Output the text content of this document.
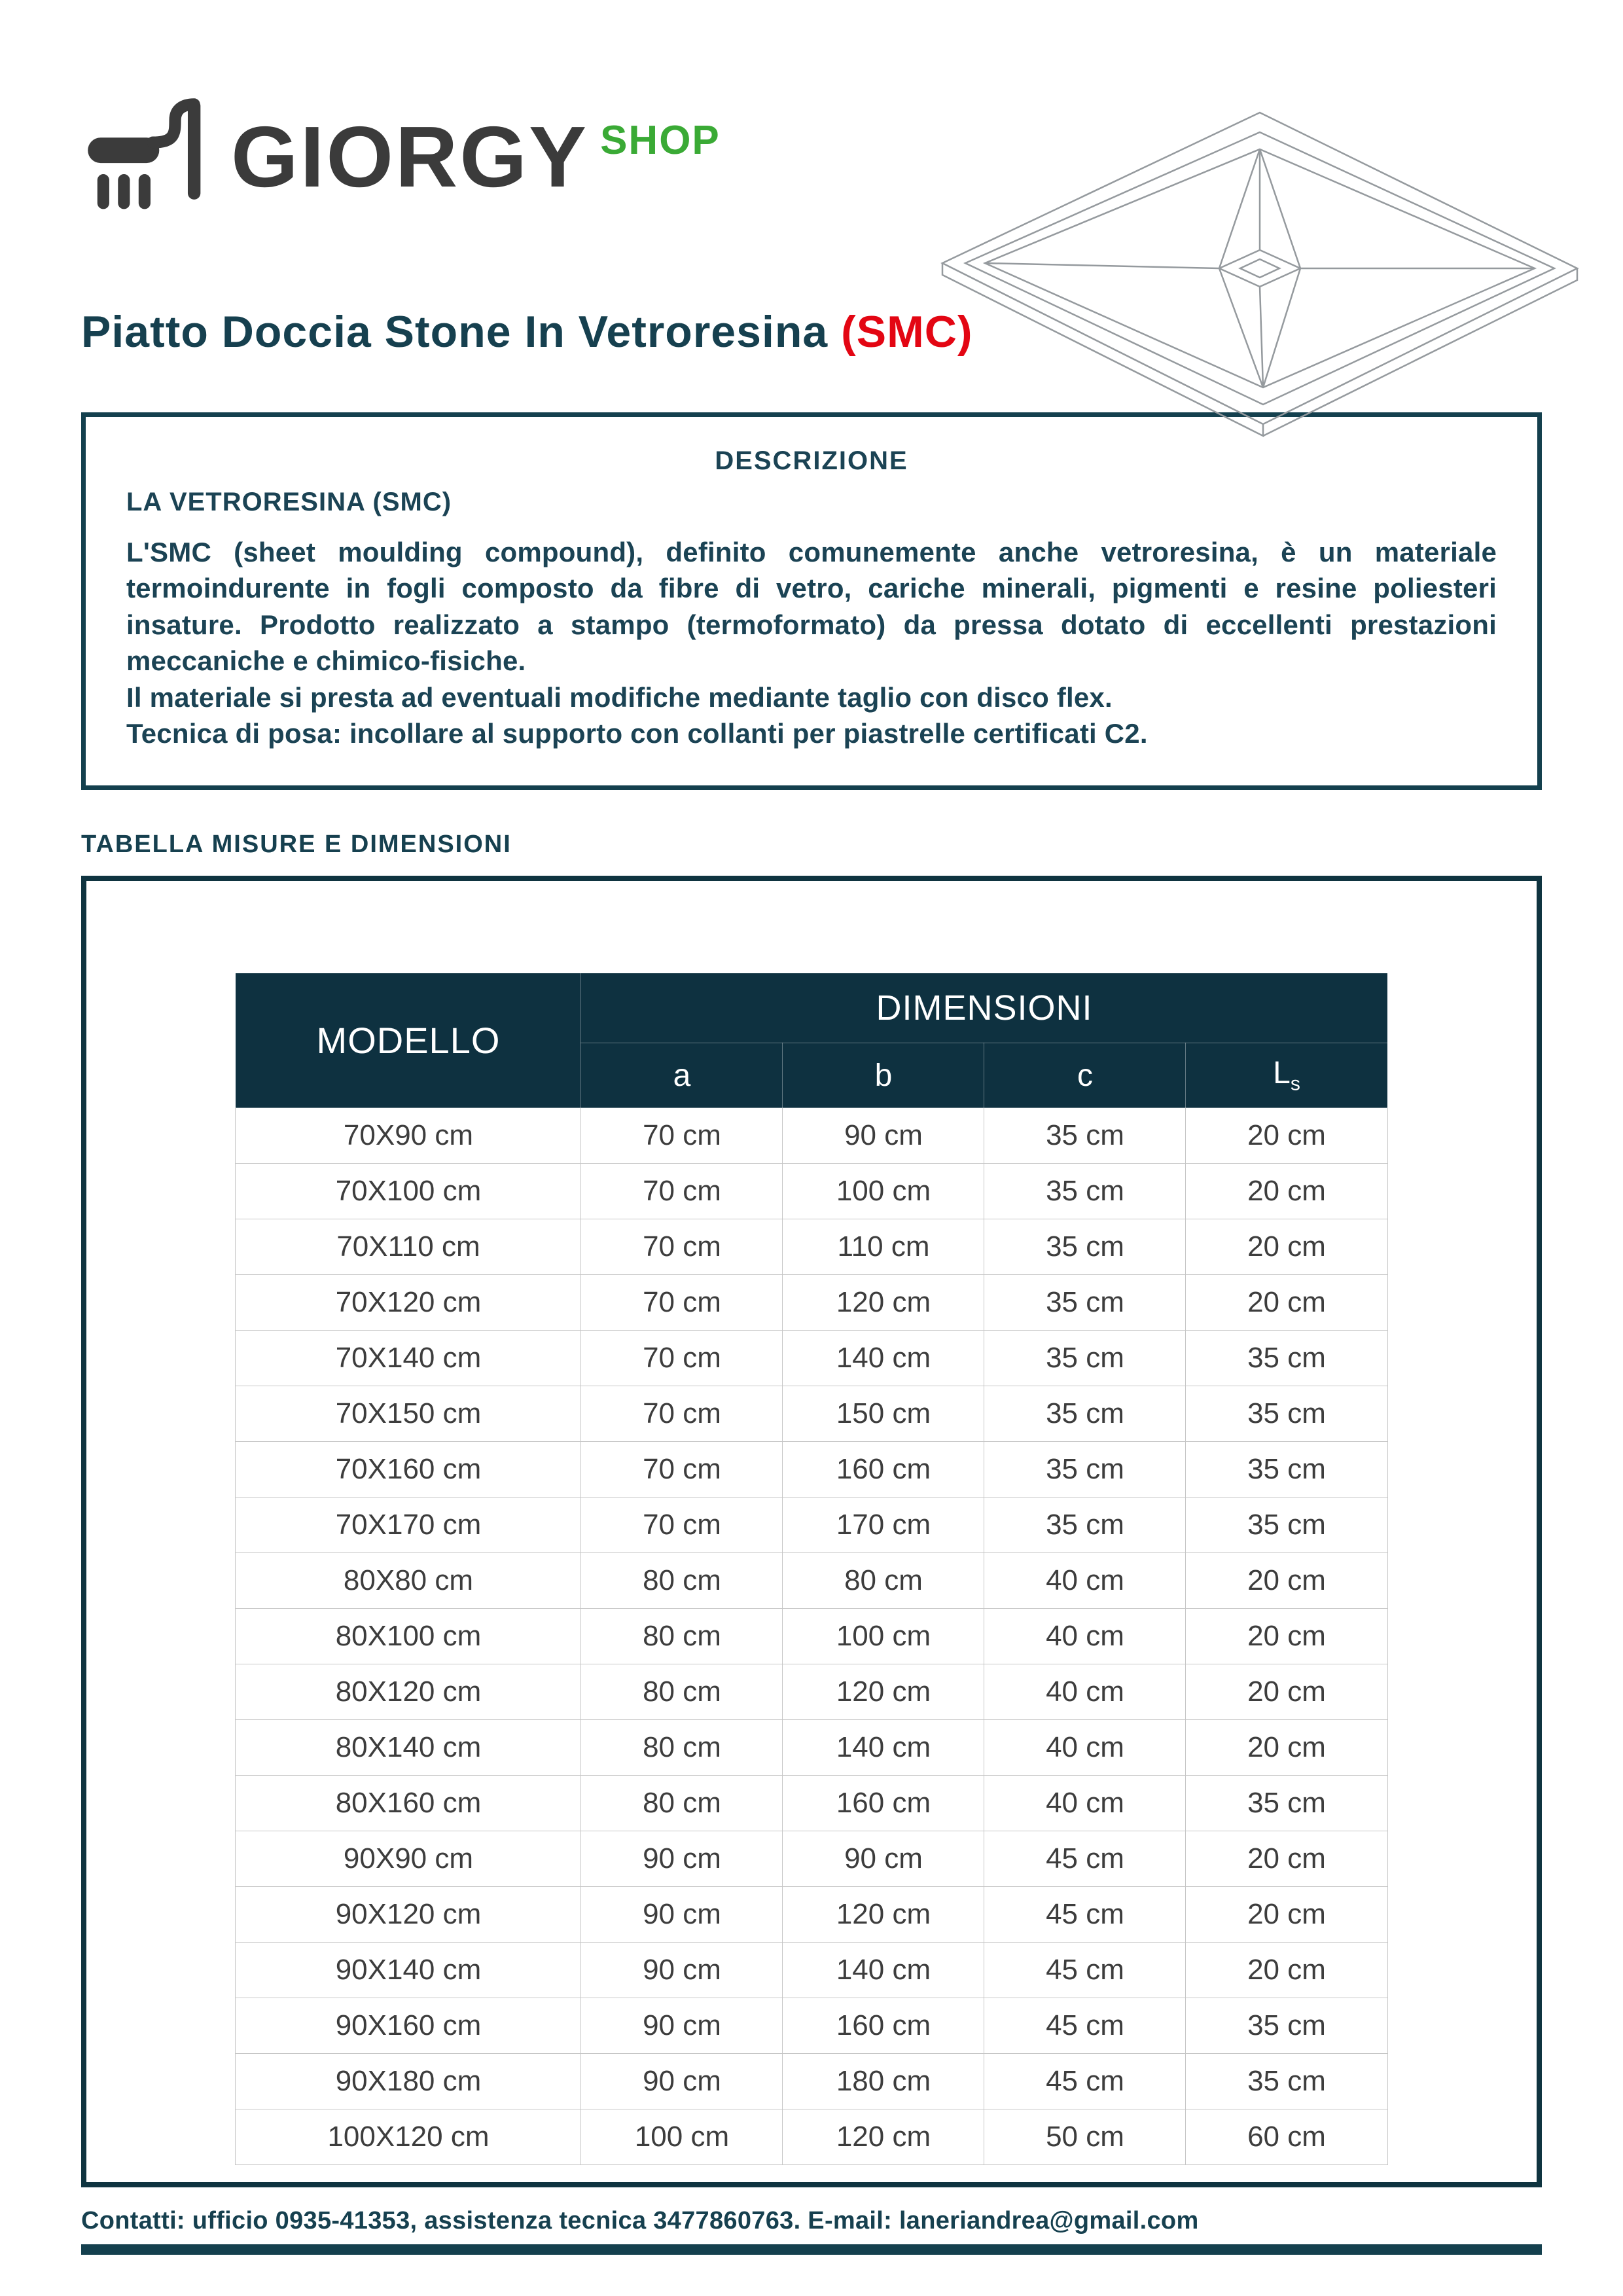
GIORGY SHOP
Piatto Doccia Stone In Vetroresina (SMC)
DESCRIZIONE
LA VETRORESINA (SMC)

L'SMC (sheet moulding compound), definito comunemente anche vetroresina, è un materiale termoindurente in fogli composto da fibre di vetro, cariche minerali, pigmenti e resine poliesteri insature. Prodotto realizzato a stampo (termoformato) da pressa dotato di eccellenti prestazioni meccaniche e chimico-fisiche.

Il materiale si presta ad eventuali modifiche mediante taglio con disco flex.

Tecnica di posa: incollare al supporto con collanti per piastrelle certificati C2.

TABELLA MISURE E DIMENSIONI
MODELLO	DIMENSIONI			
	a	b	c	$L_s$
70X90 cm	70 cm	90 cm	35 cm	20 cm
70X100 cm	70 cm	100 cm	35 cm	20 cm
70X110 cm	70 cm	110 cm	35 cm	20 cm
70X120 cm	70 cm	120 cm	35 cm	20 cm
70X140 cm	70 cm	140 cm	35 cm	35 cm
70X150 cm	70 cm	150 cm	35 cm	35 cm
70X160 cm	70 cm	160 cm	35 cm	35 cm
70X170 cm	70 cm	170 cm	35 cm	35 cm
80X80 cm	80 cm	80 cm	40 cm	20 cm
80X100 cm	80 cm	100 cm	40 cm	20 cm
80X120 cm	80 cm	120 cm	40 cm	20 cm
80X140 cm	80 cm	140 cm	40 cm	20 cm
80X160 cm	80 cm	160 cm	40 cm	35 cm
90X90 cm	90 cm	90 cm	45 cm	20 cm
90X120 cm	90 cm	120 cm	45 cm	20 cm
90X140 cm	90 cm	140 cm	45 cm	20 cm
90X160 cm	90 cm	160 cm	45 cm	35 cm
90X180 cm	90 cm	180 cm	45 cm	35 cm
100X120 cm	100 cm	120 cm	50 cm	60 cm
Contatti: ufficio 0935-41353, assistenza tecnica 3477860763. E-mail: laneriandrea@gmail.com
